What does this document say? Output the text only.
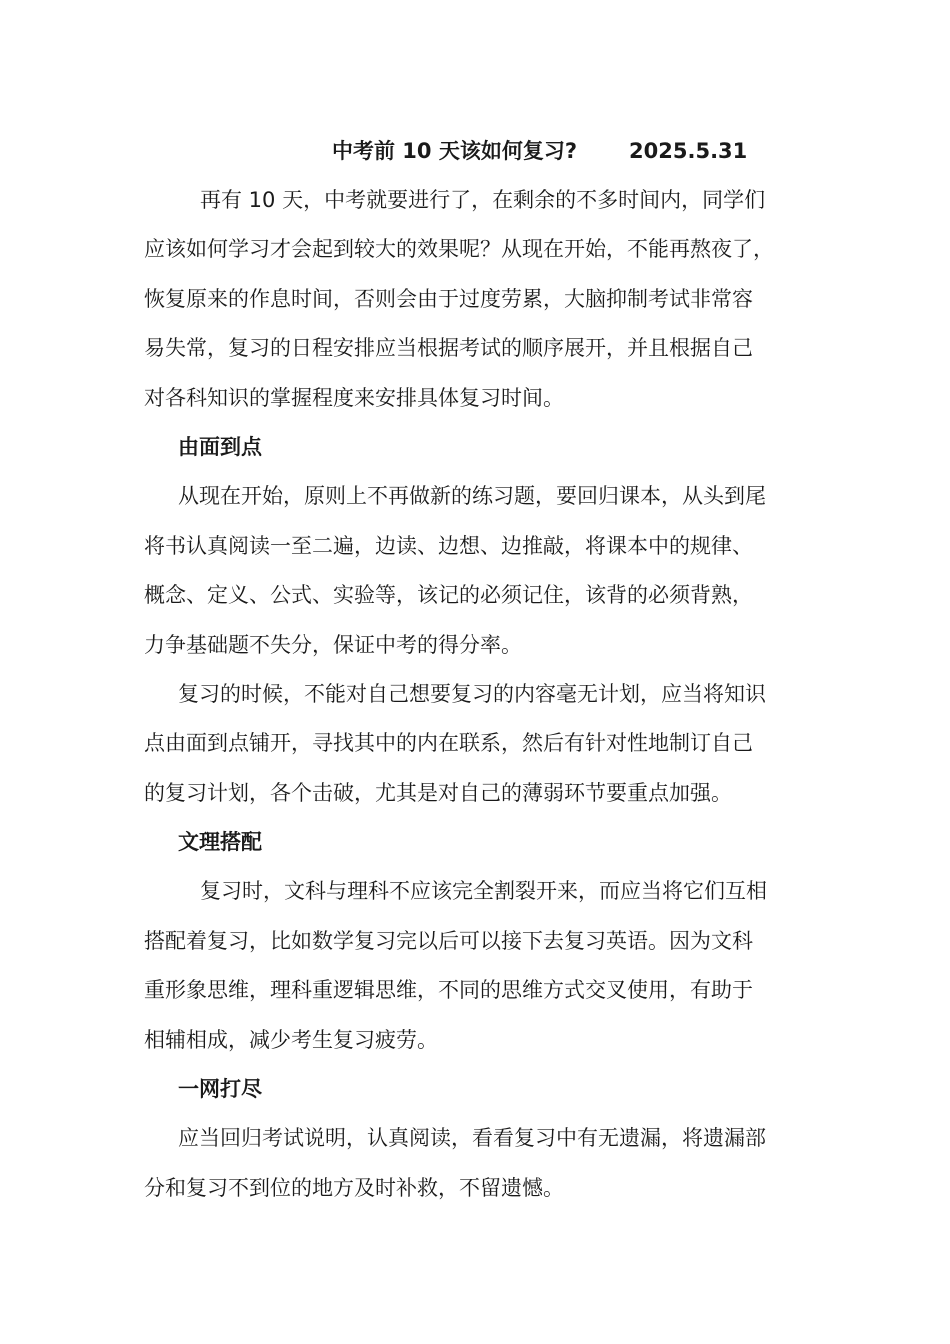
中考前 10 天该如何复习? 2025.5.31
再有 10 天，中考就要进行了，在剩余的不多时间内，同学们
应该如何学习才会起到较大的效果呢？从现在开始，不能再熬夜了，
恢复原来的作息时间，否则会由于过度劳累，大脑抑制考试非常容
易失常，复习的日程安排应当根据考试的顺序展开，并且根据自己
对各科知识的掌握程度来安排具体复习时间。
由面到点
从现在开始，原则上不再做新的练习题，要回归课本，从头到尾
将书认真阅读一至二遍，边读、边想、边推敲，将课本中的规律、
概念、定义、公式、实验等，该记的必须记住，该背的必须背熟，
力争基础题不失分，保证中考的得分率。
复习的时候，不能对自己想要复习的内容毫无计划，应当将知识
点由面到点铺开，寻找其中的内在联系，然后有针对性地制订自己
的复习计划，各个击破，尤其是对自己的薄弱环节要重点加强。
文理搭配
复习时，文科与理科不应该完全割裂开来，而应当将它们互相
搭配着复习，比如数学复习完以后可以接下去复习英语。因为文科
重形象思维，理科重逻辑思维，不同的思维方式交叉使用，有助于
相辅相成，减少考生复习疲劳。
一网打尽
应当回归考试说明，认真阅读，看看复习中有无遗漏，将遗漏部
分和复习不到位的地方及时补救，不留遗憾。
